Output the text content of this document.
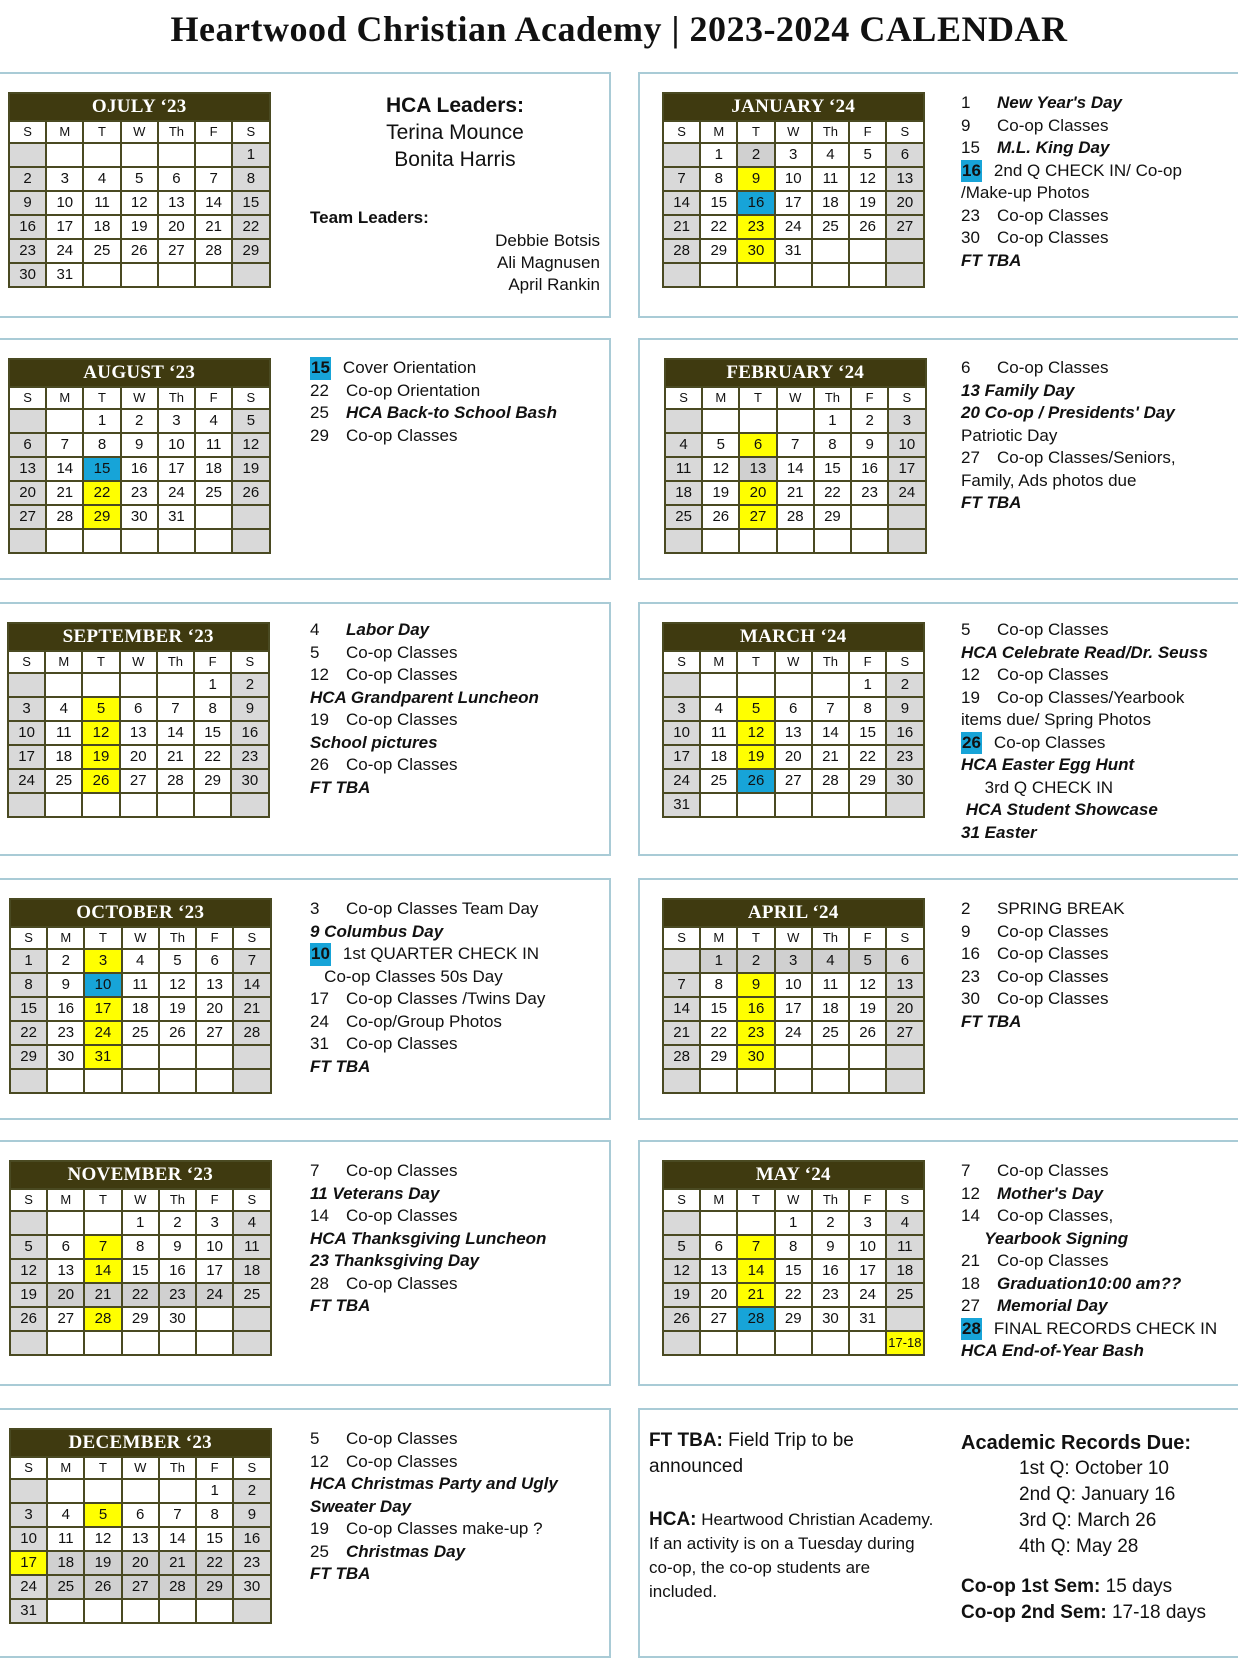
Heartwood Christian Academy | 2023-2024 CALENDAR
HCA Leaders:
Terina Mounce
Bonita Harris
Team Leaders:
Debbie Botsis
Ali Magnusen
April Rankin
FT TBA: Field Trip to be announced
HCA: Heartwood Christian Academy. If an activity is on a Tuesday during co-op, the co-op students are included.
Academic Records Due:
1st Q: October 10
2nd Q: January 16
3rd Q: March 26
4th Q: May 28
Co-op 1st Sem: 15 days
Co-op 2nd Sem: 17-18 days
OJULY ‘23						
S	M	T	W	Th	F	S
						1
2	3	4	5	6	7	8
9	10	11	12	13	14	15
16	17	18	19	20	21	22
23	24	25	26	27	28	29
30	31					
AUGUST ‘23						
S	M	T	W	Th	F	S
		1	2	3	4	5
6	7	8	9	10	11	12
13	14	15	16	17	18	19
20	21	22	23	24	25	26
27	28	29	30	31		

15 Cover Orientation
22 Co-op Orientation
25 HCA Back-to School Bash
29 Co-op Classes
SEPTEMBER ‘23						
S	M	T	W	Th	F	S
					1	2
3	4	5	6	7	8	9
10	11	12	13	14	15	16
17	18	19	20	21	22	23
24	25	26	27	28	29	30

4 Labor Day
5 Co-op Classes
12 Co-op Classes
HCA Grandparent Luncheon
19 Co-op Classes
School pictures
26 Co-op Classes
FT TBA
OCTOBER ‘23						
S	M	T	W	Th	F	S
1	2	3	4	5	6	7
8	9	10	11	12	13	14
15	16	17	18	19	20	21
22	23	24	25	26	27	28
29	30	31				

3 Co-op Classes Team Day
9 Columbus Day
10 1st QUARTER CHECK IN
Co-op Classes 50s Day
17 Co-op Classes /Twins Day
24 Co-op/Group Photos
31 Co-op Classes
FT TBA
NOVEMBER ‘23						
S	M	T	W	Th	F	S
			1	2	3	4
5	6	7	8	9	10	11
12	13	14	15	16	17	18
19	20	21	22	23	24	25
26	27	28	29	30		

7 Co-op Classes
11 Veterans Day
14 Co-op Classes
HCA Thanksgiving Luncheon
23 Thanksgiving Day
28 Co-op Classes
FT TBA
DECEMBER ‘23						
S	M	T	W	Th	F	S
					1	2
3	4	5	6	7	8	9
10	11	12	13	14	15	16
17	18	19	20	21	22	23
24	25	26	27	28	29	30
31						
5 Co-op Classes
12 Co-op Classes
HCA Christmas Party and Ugly
Sweater Day
19 Co-op Classes make-up ?
25 Christmas Day
FT TBA
JANUARY ‘24						
S	M	T	W	Th	F	S
	1	2	3	4	5	6
7	8	9	10	11	12	13
14	15	16	17	18	19	20
21	22	23	24	25	26	27
28	29	30	31			

1 New Year's Day
9 Co-op Classes
15 M.L. King Day
16 2nd Q CHECK IN/ Co-op
/Make-up Photos
23 Co-op Classes
30 Co-op Classes
FT TBA
FEBRUARY ‘24						
S	M	T	W	Th	F	S
				1	2	3
4	5	6	7	8	9	10
11	12	13	14	15	16	17
18	19	20	21	22	23	24
25	26	27	28	29		

6 Co-op Classes
13 Family Day
20 Co-op / Presidents' Day
Patriotic Day
27 Co-op Classes/Seniors,
Family, Ads photos due
FT TBA
MARCH ‘24						
S	M	T	W	Th	F	S
					1	2
3	4	5	6	7	8	9
10	11	12	13	14	15	16
17	18	19	20	21	22	23
24	25	26	27	28	29	30
31						
5 Co-op Classes
HCA Celebrate Read/Dr. Seuss
12 Co-op Classes
19 Co-op Classes/Yearbook
items due/ Spring Photos
26 Co-op Classes
HCA Easter Egg Hunt
3rd Q CHECK IN
HCA Student Showcase
31 Easter
APRIL ‘24						
S	M	T	W	Th	F	S
	1	2	3	4	5	6
7	8	9	10	11	12	13
14	15	16	17	18	19	20
21	22	23	24	25	26	27
28	29	30				

2 SPRING BREAK
9 Co-op Classes
16 Co-op Classes
23 Co-op Classes
30 Co-op Classes
FT TBA
MAY ‘24						
S	M	T	W	Th	F	S
			1	2	3	4
5	6	7	8	9	10	11
12	13	14	15	16	17	18
19	20	21	22	23	24	25
26	27	28	29	30	31	
						17-18
7 Co-op Classes
12 Mother's Day
14 Co-op Classes,
Yearbook Signing
21 Co-op Classes
18 Graduation10:00 am??
27 Memorial Day
28 FINAL RECORDS CHECK IN
HCA End-of-Year Bash
